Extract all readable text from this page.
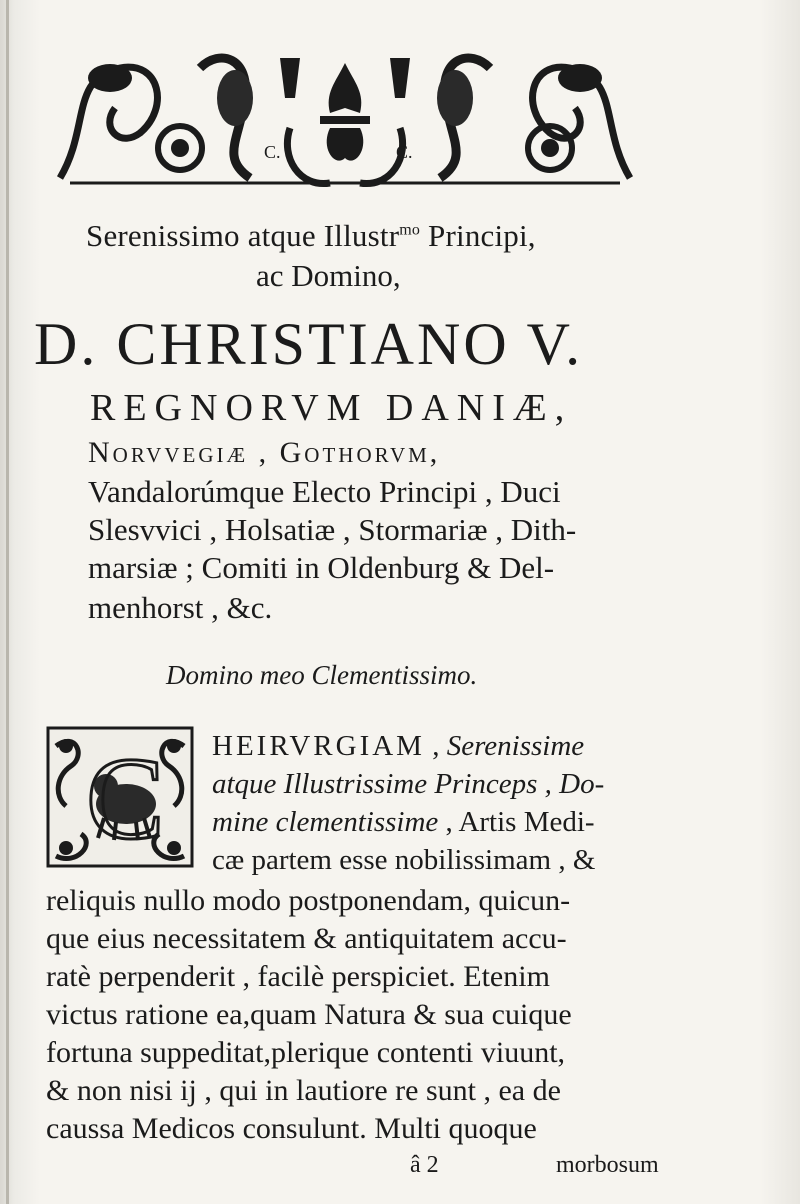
C.	C.
Serenissimo atque Illustr$^{mo}$ Principi,
ac Domino,
D. CHRISTIANO V.
REGNORVM DANIÆ,
Norvvegiæ , Gothorvm,
Vandalorúmque Electo Principi , Duci
Slesvvici , Holsatiæ , Stormariæ , Dith-
marsiæ ; Comiti in Oldenburg & Del-
menhorst , &c.
Domino meo Clementissimo.
C HEIRVRGIAM , Serenissime
atque Illustrissime Princeps , Do-
mine clementissime , Artis Medi-
cæ partem esse nobilissimam , &
reliquis nullo modo postponendam, quicun-
que eius necessitatem & antiquitatem accu-
ratè perpenderit , facilè perspiciet. Etenim
victus ratione ea,quam Natura & sua cuique
fortuna suppeditat,plerique contenti viuunt,
& non nisi ij , qui in lautiore re sunt , ea de
caussa Medicos consulunt. Multi quoque
â 2	morbosum
